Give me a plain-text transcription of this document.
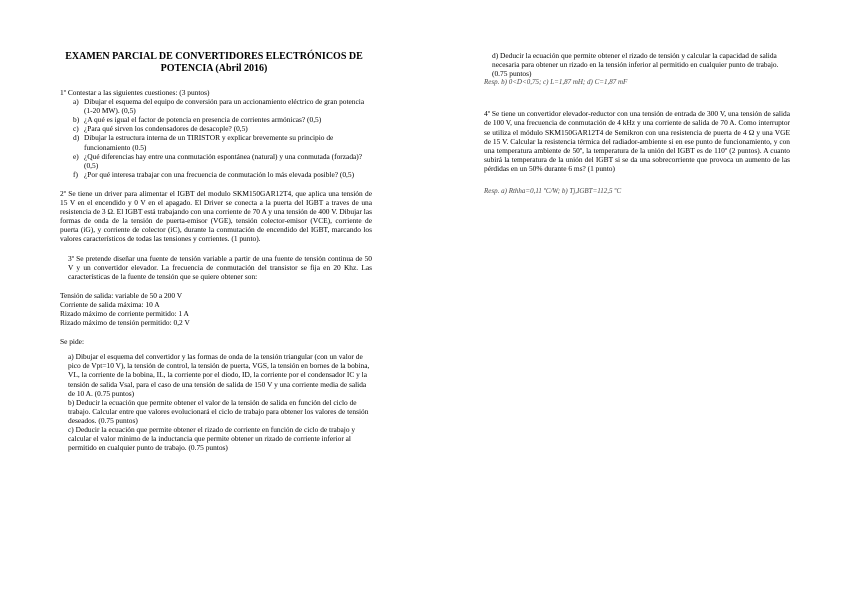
EXAMEN PARCIAL DE CONVERTIDORES ELECTRÓNICOS DE POTENCIA (Abril 2016)

1º Contestar a las siguientes cuestiones: (3 puntos)

a) Dibujar el esquema del equipo de conversión para un accionamiento eléctrico de gran potencia (1-20 MW). (0,5)
b) ¿A qué es igual el factor de potencia en presencia de corrientes armónicas? (0,5)
c) ¿Para qué sirven los condensadores de desacople? (0,5)
d) Dibujar la estructura interna de un TIRISTOR y explicar brevemente su principio de funcionamiento (0.5)
e) ¿Qué diferencias hay entre una conmutación espontánea (natural) y una conmutada (forzada)? (0,5)
f) ¿Por qué interesa trabajar con una frecuencia de conmutación lo más elevada posible? (0,5)

2º Se tiene un driver para alimentar el IGBT del modulo SKM150GAR12T4, que aplica una tensión de 15 V en el encendido y 0 V en el apagado. El Driver se conecta a la puerta del IGBT a traves de una resistencia de 3 Ω. El IGBT está trabajando con una corriente de 70 A y una tensión de 400 V. Dibujar las formas de onda de la tensión de puerta-emisor (VGE), tensión colector-emisor (VCE), corriente de puerta (iG), y corriente de colector (iC), durante la conmutación de encendido del IGBT, marcando los valores característicos de todas las tensiones y corrientes. (1 punto).

3º Se pretende diseñar una fuente de tensión variable a partir de una fuente de tensión continua de 50 V y un convertidor elevador. La frecuencia de conmutación del transistor se fija en 20 Khz. Las características de la fuente de tensión que se quiere obtener son:

Tensión de salida: variable de 50 a 200 V

Corriente de salida máxima: 10 A

Rizado máximo de corriente permitido: 1 A

Rizado máximo de tensión permitido: 0,2 V

Se pide:

a) Dibujar el esquema del convertidor y las formas de onda de la tensión triangular (con un valor de pico de Vpt=10 V), la tensión de control, la tensión de puerta, VGS, la tensión en bornes de la bobina, VL, la corriente de la bobina, IL, la corriente por el diodo, ID, la corriente por el condensador IC y la tensión de salida Vsal, para el caso de una tensión de salida de 150 V y una corriente media de salida de 10 A. (0.75 puntos)
b) Deducir la ecuación que permite obtener el valor de la tensión de salida en función del ciclo de trabajo. Calcular entre que valores evolucionará el ciclo de trabajo para obtener los valores de tensión deseados. (0.75 puntos)
c) Deducir la ecuación que permite obtener el rizado de corriente en función de ciclo de trabajo y calcular el valor mínimo de la inductancia que permite obtener un rizado de corriente inferior al permitido en cualquier punto de trabajo. (0.75 puntos)
d) Deducir la ecuación que permite obtener el rizado de tensión y calcular la capacidad de salida necesaria para obtener un rizado en la tensión inferior al permitido en cualquier punto de trabajo. (0.75 puntos)

Resp. b) 0<D<0,75; c) L=1,87 mH; d) C=1,87 mF

4º Se tiene un convertidor elevador-reductor con una tensión de entrada de 300 V, una tensión de salida de 100 V, una frecuencia de conmutación de 4 kHz y una corriente de salida de 70 A. Como interruptor se utiliza el módulo SKM150GAR12T4 de Semikron con una resistencia de puerta de 4 Ω y una VGE de 15 V. Calcular la resistencia térmica del radiador-ambiente si en ese punto de funcionamiento, y con una temperatura ambiente de 50º, la temperatura de la unión del IGBT es de 110º (2 puntos). A cuanto subirá la temperatura de la unión del IGBT si se da una sobrecorriente que provoca un aumento de las pérdidas en un 50% durante 6 ms? (1 punto)

Resp. a) Rthha=0,11 ºC/W; b) Tj,IGBT=112,5 ºC
